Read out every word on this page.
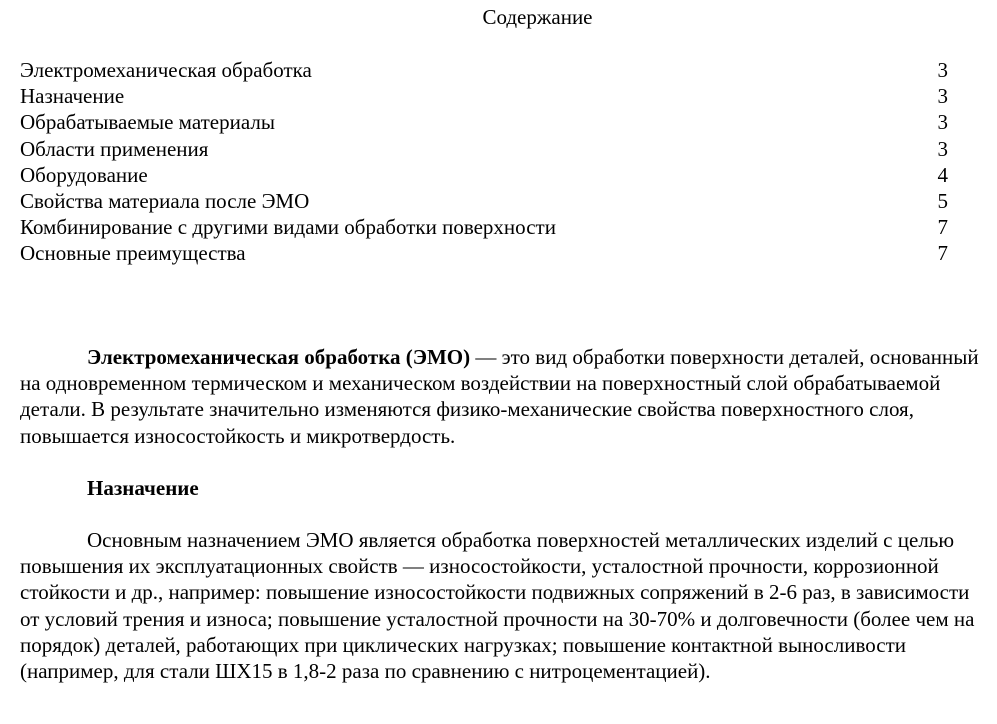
Содержание
Электромеханическая обработка	3
Назначение	3
Обрабатываемые материалы	3
Области применения	3
Оборудование	4
Свойства материала после ЭМО	5
Комбинирование с другими видами обработки поверхности	7
Основные преимущества	7

Электромеханическая обработка (ЭМО) — это вид обработки поверхности деталей, основанный на одновременном термическом и механическом воздействии на поверхностный слой обрабатываемой детали. В результате значительно изменяются физико-механические свойства поверхностного слоя, повышается износостойкость и микротвердость.

Назначение

Основным назначением ЭМО является обработка поверхностей металлических изделий с целью повышения их эксплуатационных свойств — износостойкости, усталостной прочности, коррозионной стойкости и др., например: повышение износостойкости подвижных сопряжений в 2-6 раз, в зависимости от условий трения и износа; повышение усталостной прочности на 30-70% и долговечности (более чем на порядок) деталей, работающих при циклических нагрузках; повышение контактной выносливости (например, для стали ШХ15 в 1,8-2 раза по сравнению с нитроцементацией).
